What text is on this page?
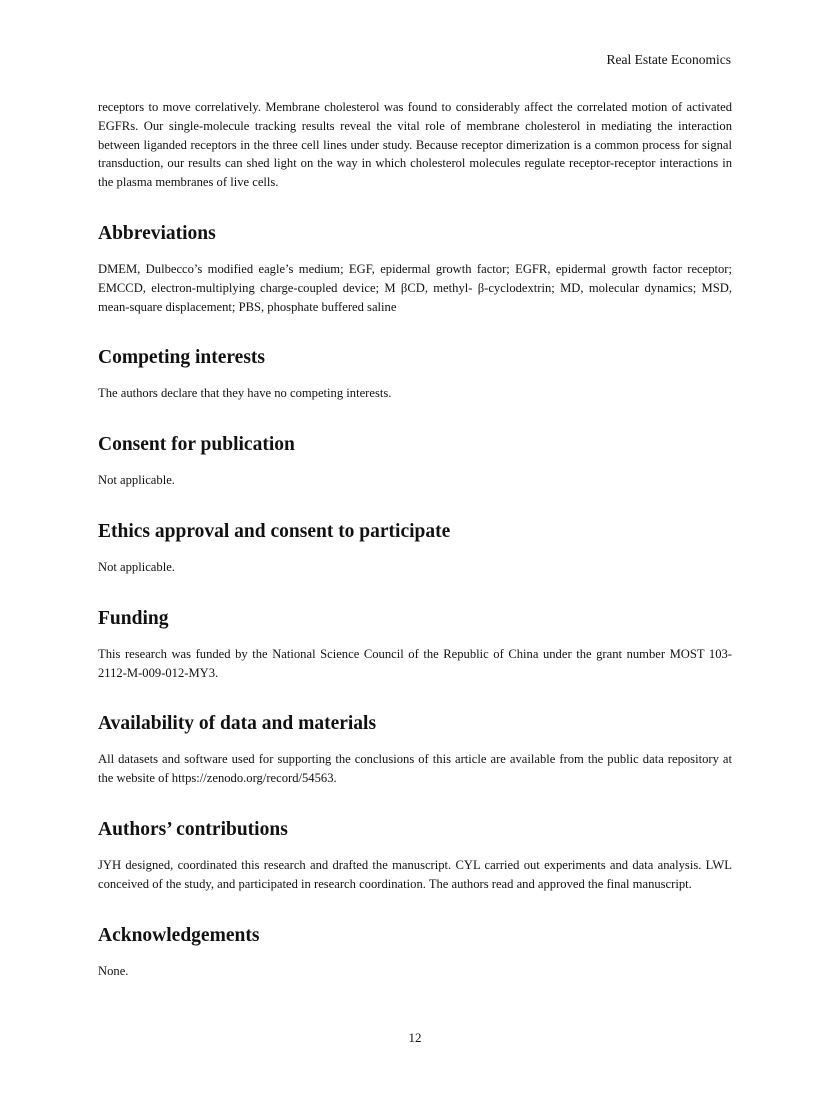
Real Estate Economics

receptors to move correlatively. Membrane cholesterol was found to considerably affect the correlated motion of activated EGFRs. Our single-molecule tracking results reveal the vital role of membrane cholesterol in mediating the interaction between liganded receptors in the three cell lines under study. Because receptor dimerization is a common process for signal transduction, our results can shed light on the way in which cholesterol molecules regulate receptor-receptor interactions in the plasma membranes of live cells.

Abbreviations

DMEM, Dulbecco’s modified eagle’s medium; EGF, epidermal growth factor; EGFR, epidermal growth factor receptor; EMCCD, electron-multiplying charge-coupled device; M βCD, methyl- β-cyclodextrin; MD, molecular dynamics; MSD, mean-square displacement; PBS, phosphate buffered saline

Competing interests

The authors declare that they have no competing interests.

Consent for publication

Not applicable.

Ethics approval and consent to participate

Not applicable.

Funding

This research was funded by the National Science Council of the Republic of China under the grant number MOST 103-2112-M-009-012-MY3.

Availability of data and materials

All datasets and software used for supporting the conclusions of this article are available from the public data repository at the website of https://zenodo.org/record/54563.

Authors’ contributions

JYH designed, coordinated this research and drafted the manuscript. CYL carried out experiments and data analysis. LWL conceived of the study, and participated in research coordination. The authors read and approved the final manuscript.

Acknowledgements

None.

12
